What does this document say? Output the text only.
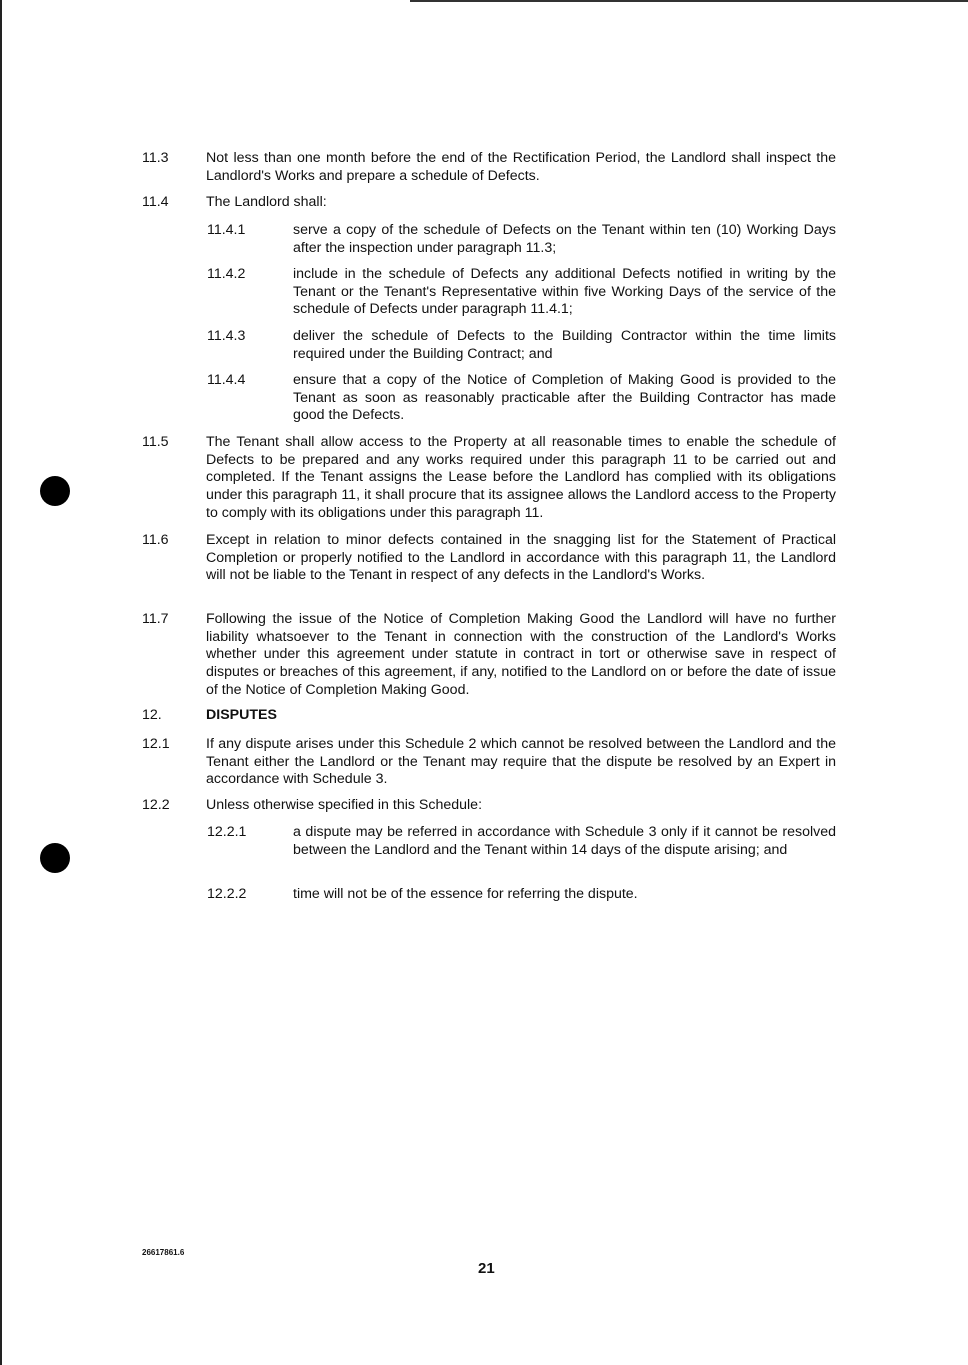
11.3	Not less than one month before the end of the Rectification Period, the Landlord shall inspect the Landlord's Works and prepare a schedule of Defects.
11.4	The Landlord shall:
11.4.1	serve a copy of the schedule of Defects on the Tenant within ten (10) Working Days after the inspection under paragraph 11.3;
11.4.2	include in the schedule of Defects any additional Defects notified in writing by the Tenant or the Tenant's Representative within five Working Days of the service of the schedule of Defects under paragraph 11.4.1;
11.4.3	deliver the schedule of Defects to the Building Contractor within the time limits required under the Building Contract; and
11.4.4	ensure that a copy of the Notice of Completion of Making Good is provided to the Tenant as soon as reasonably practicable after the Building Contractor has made good the Defects.
11.5	The Tenant shall allow access to the Property at all reasonable times to enable the schedule of Defects to be prepared and any works required under this paragraph 11 to be carried out and completed. If the Tenant assigns the Lease before the Landlord has complied with its obligations under this paragraph 11, it shall procure that its assignee allows the Landlord access to the Property to comply with its obligations under this paragraph 11.
11.6	Except in relation to minor defects contained in the snagging list for the Statement of Practical Completion or properly notified to the Landlord in accordance with this paragraph 11, the Landlord will not be liable to the Tenant in respect of any defects in the Landlord's Works.
11.7	Following the issue of the Notice of Completion Making Good the Landlord will have no further liability whatsoever to the Tenant in connection with the construction of the Landlord's Works whether under this agreement under statute in contract in tort or otherwise save in respect of disputes or breaches of this agreement, if any, notified to the Landlord on or before the date of issue of the Notice of Completion Making Good.
12.	DISPUTES
12.1	If any dispute arises under this Schedule 2 which cannot be resolved between the Landlord and the Tenant either the Landlord or the Tenant may require that the dispute be resolved by an Expert in accordance with Schedule 3.
12.2	Unless otherwise specified in this Schedule:
12.2.1	a dispute may be referred in accordance with Schedule 3 only if it cannot be resolved between the Landlord and the Tenant within 14 days of the dispute arising; and
12.2.2	time will not be of the essence for referring the dispute.
26617861.6
21
